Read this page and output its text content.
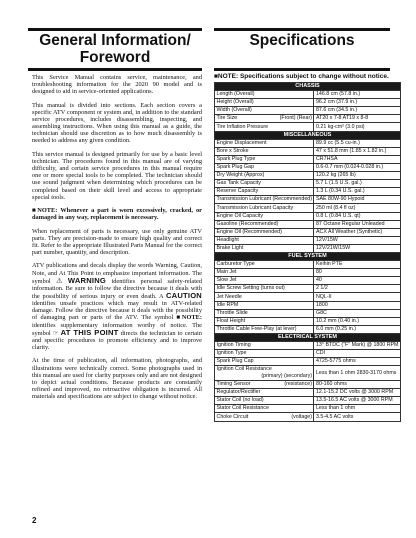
General Information/
Foreword
Specifications

This Service Manual contains service, maintenance, and troubleshooting information for the 2020 90 model and is designed to aid in service-oriented applications.

This manual is divided into sections. Each section covers a specific ATV component or system and, in addition to the standard service procedures, includes disassembling, inspecting, and assembling instructions. When using this manual as a guide, the technician should use discretion as to how much disassembly is needed to address any given condition.

This service manual is designed primarily for use by a basic level technician. The procedures found in this manual are of varying difficulty, and certain service procedures in this manual require one or more special tools to be completed. The technician should use sound judgment when determining which procedures can be completed based on their skill level and access to appropriate special tools.

■NOTE: Whenever a part is worn excessively, cracked, or damaged in any way, replacement is necessary.

When replacement of parts is necessary, use only genuine ATV parts. They are precision-made to ensure high quality and correct fit. Refer to the appropriate Illustrated Parts Manual for the correct part number, quantity, and description.

ATV publications and decals display the words Warning, Caution, Note, and At This Point to emphasize important information. The symbol ⚠ WARNING identifies personal safety-related information. Be sure to follow the directive because it deals with the possibility of serious injury or even death. A CAUTION identifies unsafe practices which may result in ATV-related damage. Follow the directive because it deals with the possibility of damaging part or parts of the ATV. The symbol ■NOTE: identifies supplementary information worthy of notice. The symbol ☞ AT THIS POINT directs the technician to certain and specific procedures to promote efficiency and to improve clarity.

At the time of publication, all information, photographs, and illustrations were technically correct. Some photographs used in this manual are used for clarity purposes only and are not designed to depict actual conditions. Because products are constantly refined and improved, no retroactive obligation is incurred. All materials and specifications are subject to change without notice.

■NOTE: Specifications subject to change without notice.
CHASSIS	
Length (Overall)	146.8 cm (57.8 in.)
Height (Overall)	96.2 cm (37.9 in.)
Width (Overall)	87.6 cm (34.5 in.)
Tire Size (Front) (Rear)	AT20 x 7-8 AT19 x 8-8
Tire Inflation Pressure	0.21 kg-cm² (3.0 psi)
MISCELLANEOUS	
Engine Displacement	89.9 cc (5.5 cu-in.)
Bore x Stroke	47 x 51.8 mm (1.85 x 1.82 in.)
Spark Plug Type	CR7HSA
Spark Plug Gap	0.6-0.7 mm (0.024-0.028 in.)
Dry Weight (Approx)	120.2 kg (265 lb)
Gas Tank Capacity	5.7 L (1.5 U.S. gal.)
Reserve Capacity	1.3 L (0.34 U.S. gal.)
Transmission Lubricant (Recommended)	SAE 80W-90 Hypoid
Transmission Lubricant Capacity	250 ml (8.4 fl oz)
Engine Oil Capacity	0.8 L (0.84 U.S. qt)
Gasoline (Recommended)	87 Octane Regular Unleaded
Engine Oil (Recommended)	ACX All Weather (Synthetic)
Headlight	12V/15W
Brake Light	12V/21W/15W
FUEL SYSTEM	
Carburetor Type	Keihin PTE
Main Jet	80
Slow Jet	40
Idle Screw Setting (turns out)	2 1/2
Jet Needle	NQL-II
Idle RPM	1800
Throttle Slide	G8C
Float Height	10.2 mm (0.40 in.)
Throttle Cable Free-Play (at lever)	6.0 mm (0.25 in.)
ELECTRICAL SYSTEM	
Ignition Timing	13° BTDC ("F" Mark) @ 1800 RPM
Ignition Type	CDI
Spark Plug Cap	4725-5775 ohms
Ignition Coil Resistance
(primary) (secondary)	Less than 1 ohm 2830-3170 ohms
Timing Sensor (resistance)	80-160 ohms
Regulator/Rectifier	12.1-15.2 DC volts @ 3000 RPM
Stator Coil (no load)	13.5-16.5 AC volts @ 3000 RPM
Stator Coil Resistance	Less than 1 ohm
Choke Circuit (voltage)	3.5-4.5 AC volts
2
